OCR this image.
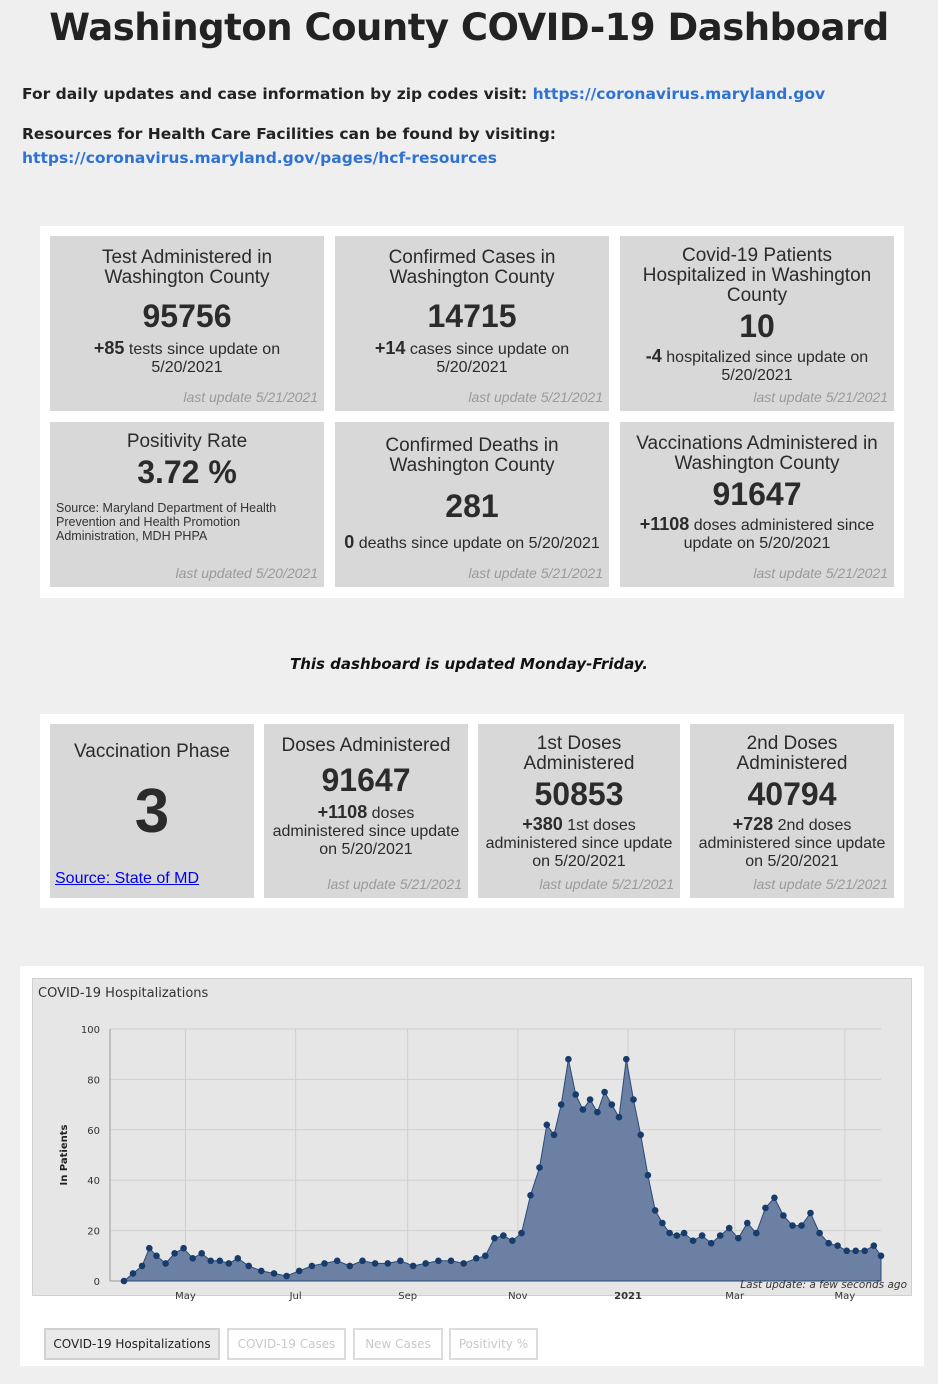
Washington County COVID-19 Dashboard
For daily updates and case information by zip codes visit: https://coronavirus.maryland.gov
Resources for Health Care Facilities can be found by visiting: https://coronavirus.maryland.gov/pages/hcf-resources
Test Administered in Washington County
95756
+85 tests since update on 5/20/2021
last update 5/21/2021
Confirmed Cases in Washington County
14715
+14 cases since update on 5/20/2021
last update 5/21/2021
Covid-19 Patients Hospitalized in Washington County
10
-4 hospitalized since update on 5/20/2021
last update 5/21/2021
Positivity Rate
3.72 %
Source: Maryland Department of Health Prevention and Health Promotion Administration, MDH PHPA
last updated 5/20/2021
Confirmed Deaths in Washington County
281
0 deaths since update on 5/20/2021
last update 5/21/2021
Vaccinations Administered in Washington County
91647
+1108 doses administered since update on 5/20/2021
last update 5/21/2021
This dashboard is updated Monday-Friday.
Vaccination Phase
3
Source: State of MD
Doses Administered
91647
+1108 doses administered since update on 5/20/2021
last update 5/21/2021
1st Doses Administered
50853
+380 1st doses administered since update on 5/20/2021
last update 5/21/2021
2nd Doses Administered
40794
+728 2nd doses administered since update on 5/20/2021
last update 5/21/2021
COVID-19 Hospitalizations
0
20
40
60
80
100
May	Jul	Sep	Nov	2021	Mar	May
In Patients
Last update: a few seconds ago
COVID-19 Hospitalizations	COVID-19 Cases	New Cases	Positivity %
